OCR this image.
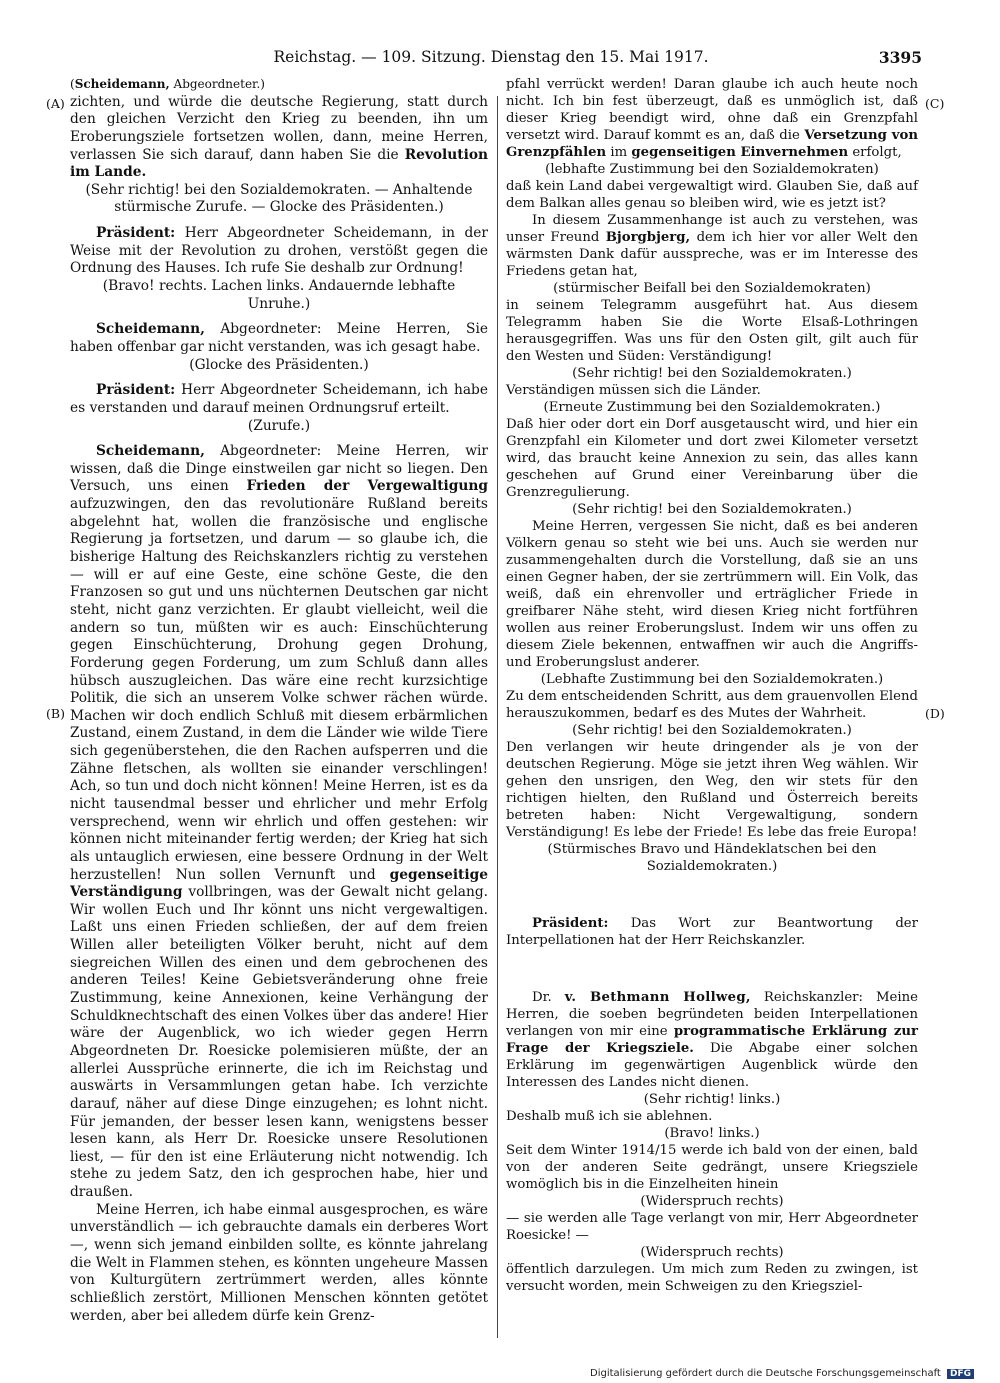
Reichstag. — 109. Sitzung. Dienstag den 15. Mai 1917.	3395
(A)
(B)
(C)
(D)

(Scheidemann, Abgeordneter.)

zichten, und würde die deutsche Regierung, statt durch den gleichen Verzicht den Krieg zu beenden, ihn um Eroberungsziele fortsetzen wollen, dann, meine Herren, verlassen Sie sich darauf, dann haben Sie die Revolution im Lande.

(Sehr richtig! bei den Sozialdemokraten. — Anhaltende stürmische Zurufe. — Glocke des Präsidenten.)

Präsident: Herr Abgeordneter Scheidemann, in der Weise mit der Revolution zu drohen, verstößt gegen die Ordnung des Hauses. Ich rufe Sie deshalb zur Ordnung!

(Bravo! rechts. Lachen links. Andauernde lebhafte Unruhe.)

Scheidemann, Abgeordneter: Meine Herren, Sie haben offenbar gar nicht verstanden, was ich gesagt habe.

(Glocke des Präsidenten.)

Präsident: Herr Abgeordneter Scheidemann, ich habe es verstanden und darauf meinen Ordnungsruf erteilt.

(Zurufe.)

Scheidemann, Abgeordneter: Meine Herren, wir wissen, daß die Dinge einstweilen gar nicht so liegen. Den Versuch, uns einen Frieden der Vergewaltigung aufzuzwingen, den das revolutionäre Rußland bereits abgelehnt hat, wollen die französische und englische Regierung ja fortsetzen, und darum — so glaube ich, die bisherige Haltung des Reichskanzlers richtig zu verstehen — will er auf eine Geste, eine schöne Geste, die den Franzosen so gut und uns nüchternen Deutschen gar nicht steht, nicht ganz verzichten. Er glaubt vielleicht, weil die andern so tun, müßten wir es auch: Einschüchterung gegen Einschüchterung, Drohung gegen Drohung, Forderung gegen Forderung, um zum Schluß dann alles hübsch auszugleichen. Das wäre eine recht kurzsichtige Politik, die sich an unserem Volke schwer rächen würde. Machen wir doch endlich Schluß mit diesem erbärmlichen Zustand, einem Zustand, in dem die Länder wie wilde Tiere sich gegenüberstehen, die den Rachen aufsperren und die Zähne fletschen, als wollten sie einander verschlingen! Ach, so tun und doch nicht können! Meine Herren, ist es da nicht tausendmal besser und ehrlicher und mehr Erfolg versprechend, wenn wir ehrlich und offen gestehen: wir können nicht miteinander fertig werden; der Krieg hat sich als untauglich erwiesen, eine bessere Ordnung in der Welt herzustellen! Nun sollen Vernunft und gegenseitige Verständigung vollbringen, was der Gewalt nicht gelang. Wir wollen Euch und Ihr könnt uns nicht vergewaltigen. Laßt uns einen Frieden schließen, der auf dem freien Willen aller beteiligten Völker beruht, nicht auf dem siegreichen Willen des einen und dem gebrochenen des anderen Teiles! Keine Gebietsveränderung ohne freie Zustimmung, keine Annexionen, keine Verhängung der Schuldknechtschaft des einen Volkes über das andere! Hier wäre der Augenblick, wo ich wieder gegen Herrn Abgeordneten Dr. Roesicke polemisieren müßte, der an allerlei Aussprüche erinnerte, die ich im Reichstag und auswärts in Versammlungen getan habe. Ich verzichte darauf, näher auf diese Dinge einzugehen; es lohnt nicht. Für jemanden, der besser lesen kann, wenigstens besser lesen kann, als Herr Dr. Roesicke unsere Resolutionen liest, — für den ist eine Erläuterung nicht notwendig. Ich stehe zu jedem Satz, den ich gesprochen habe, hier und draußen.

Meine Herren, ich habe einmal ausgesprochen, es wäre unverständlich — ich gebrauchte damals ein derberes Wort —, wenn sich jemand einbilden sollte, es könnte jahrelang die Welt in Flammen stehen, es könnten ungeheure Massen von Kulturgütern zertrümmert werden, alles könnte schließlich zerstört, Millionen Menschen könnten getötet werden, aber bei alledem dürfe kein Grenz-

pfahl verrückt werden! Daran glaube ich auch heute noch nicht. Ich bin fest überzeugt, daß es unmöglich ist, daß dieser Krieg beendigt wird, ohne daß ein Grenzpfahl versetzt wird. Darauf kommt es an, daß die Versetzung von Grenzpfählen im gegenseitigen Einvernehmen erfolgt,

(lebhafte Zustimmung bei den Sozialdemokraten)

daß kein Land dabei vergewaltigt wird. Glauben Sie, daß auf dem Balkan alles genau so bleiben wird, wie es jetzt ist?

In diesem Zusammenhange ist auch zu verstehen, was unser Freund Bjorgbjerg, dem ich hier vor aller Welt den wärmsten Dank dafür ausspreche, was er im Interesse des Friedens getan hat,

(stürmischer Beifall bei den Sozialdemokraten)

in seinem Telegramm ausgeführt hat. Aus diesem Telegramm haben Sie die Worte Elsaß-Lothringen herausgegriffen. Was uns für den Osten gilt, gilt auch für den Westen und Süden: Verständigung!

(Sehr richtig! bei den Sozialdemokraten.)

Verständigen müssen sich die Länder.

(Erneute Zustimmung bei den Sozialdemokraten.)

Daß hier oder dort ein Dorf ausgetauscht wird, und hier ein Grenzpfahl ein Kilometer und dort zwei Kilometer versetzt wird, das braucht keine Annexion zu sein, das alles kann geschehen auf Grund einer Vereinbarung über die Grenzregulierung.

(Sehr richtig! bei den Sozialdemokraten.)

Meine Herren, vergessen Sie nicht, daß es bei anderen Völkern genau so steht wie bei uns. Auch sie werden nur zusammengehalten durch die Vorstellung, daß sie an uns einen Gegner haben, der sie zertrümmern will. Ein Volk, das weiß, daß ein ehrenvoller und erträglicher Friede in greifbarer Nähe steht, wird diesen Krieg nicht fortführen wollen aus reiner Eroberungslust. Indem wir uns offen zu diesem Ziele bekennen, entwaffnen wir auch die Angriffs- und Eroberungslust anderer.

(Lebhafte Zustimmung bei den Sozialdemokraten.)

Zu dem entscheidenden Schritt, aus dem grauenvollen Elend herauszukommen, bedarf es des Mutes der Wahrheit.

(Sehr richtig! bei den Sozialdemokraten.)

Den verlangen wir heute dringender als je von der deutschen Regierung. Möge sie jetzt ihren Weg wählen. Wir gehen den unsrigen, den Weg, den wir stets für den richtigen hielten, den Rußland und Österreich bereits betreten haben: Nicht Vergewaltigung, sondern Verständigung! Es lebe der Friede! Es lebe das freie Europa!

(Stürmisches Bravo und Händeklatschen bei den Sozialdemokraten.)

Präsident: Das Wort zur Beantwortung der Interpellationen hat der Herr Reichskanzler.

Dr. v. Bethmann Hollweg, Reichskanzler: Meine Herren, die soeben begründeten beiden Interpellationen verlangen von mir eine programmatische Erklärung zur Frage der Kriegsziele. Die Abgabe einer solchen Erklärung im gegenwärtigen Augenblick würde den Interessen des Landes nicht dienen.

(Sehr richtig! links.)

Deshalb muß ich sie ablehnen.

(Bravo! links.)

Seit dem Winter 1914/15 werde ich bald von der einen, bald von der anderen Seite gedrängt, unsere Kriegsziele womöglich bis in die Einzelheiten hinein

(Widerspruch rechts)

— sie werden alle Tage verlangt von mir, Herr Abgeordneter Roesicke! —

(Widerspruch rechts)

öffentlich darzulegen. Um mich zum Reden zu zwingen, ist versucht worden, mein Schweigen zu den Kriegsziel-

Digitalisierung gefördert durch die Deutsche Forschungsgemeinschaft DFG
